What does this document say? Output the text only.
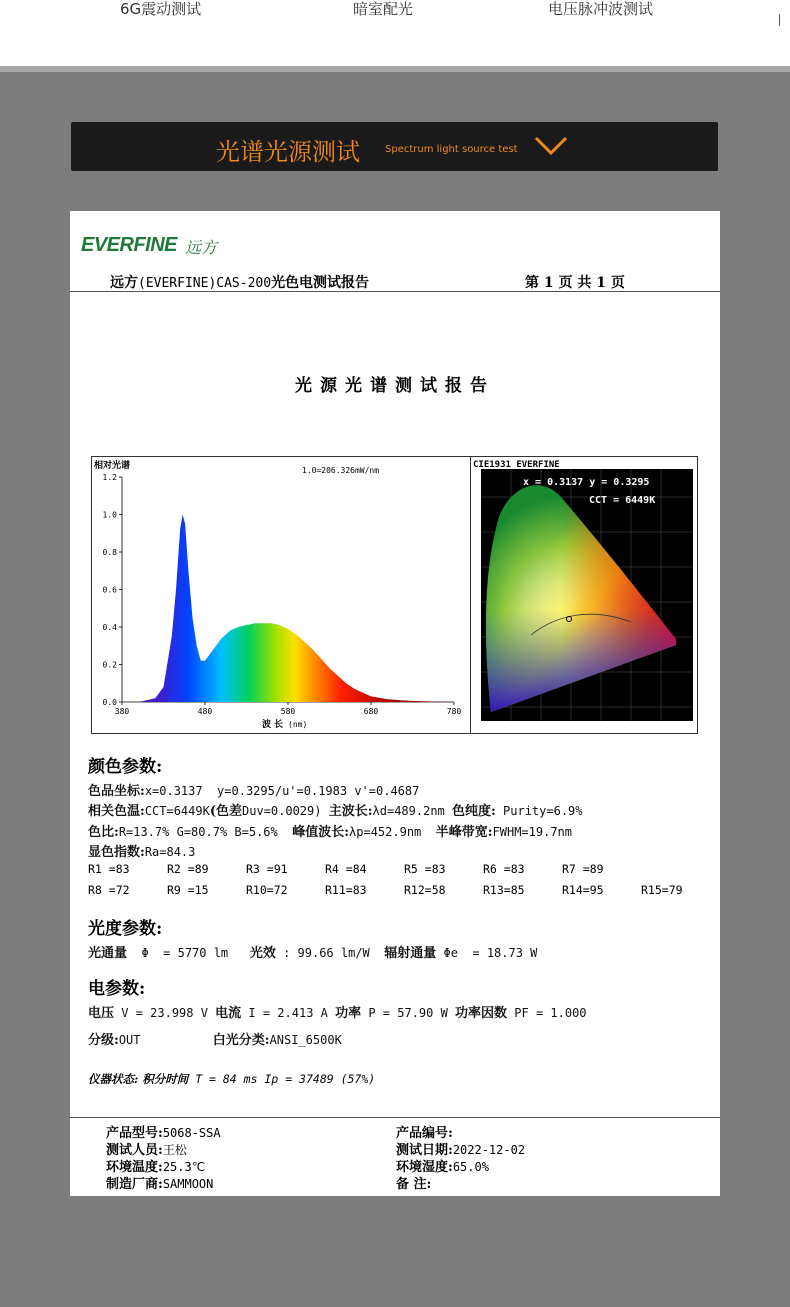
6G震动测试	暗室配光	电压脉冲波测试
光谱光源测试	Spectrum light source test
EVERFINE 远方
远方(EVERFINE)CAS-200光色电测试报告	第 1 页 共 1 页
光源光谱测试报告
相对光谱	1.0=206.326mW/nm
0.0
0.2
0.4
0.6
0.8
1.0
1.2
380	480	580	680	780
波 长 (nm)
CIE1931 EVERFINE
x = 0.3137 y = 0.3295
CCT = 6449K
颜色参数:
色品坐标:x=0.3137  y=0.3295/u'=0.1983 v'=0.4687
相关色温:CCT=6449K(色差Duv=0.0029) 主波长:λd=489.2nm 色纯度: Purity=6.9%
色比:R=13.7% G=80.7% B=5.6%  峰值波长:λp=452.9nm  半峰带宽:FWHM=19.7nm
显色指数:Ra=84.3
R1 =83	R2 =89	R3 =91	R4 =84	R5 =83	R6 =83	R7 =89
R8 =72	R9 =15	R10=72	R11=83	R12=58	R13=85	R14=95	R15=79
光度参数:
光通量  Φ  = 5770 lm   光效 : 99.66 lm/W  辐射通量 Φe  = 18.73 W
电参数:
电压 V = 23.998 V 电流 I = 2.413 A 功率 P = 57.90 W 功率因数 PF = 1.000
分级:OUT	白光分类:ANSI_6500K
仪器状态: 积分时间 T = 84 ms Ip = 37489 (57%)
产品型号:5068-SSA
测试人员:王松
环境温度:25.3℃
制造厂商:SAMMOON
产品编号:
测试日期:2022-12-02
环境湿度:65.0%
备 注:
